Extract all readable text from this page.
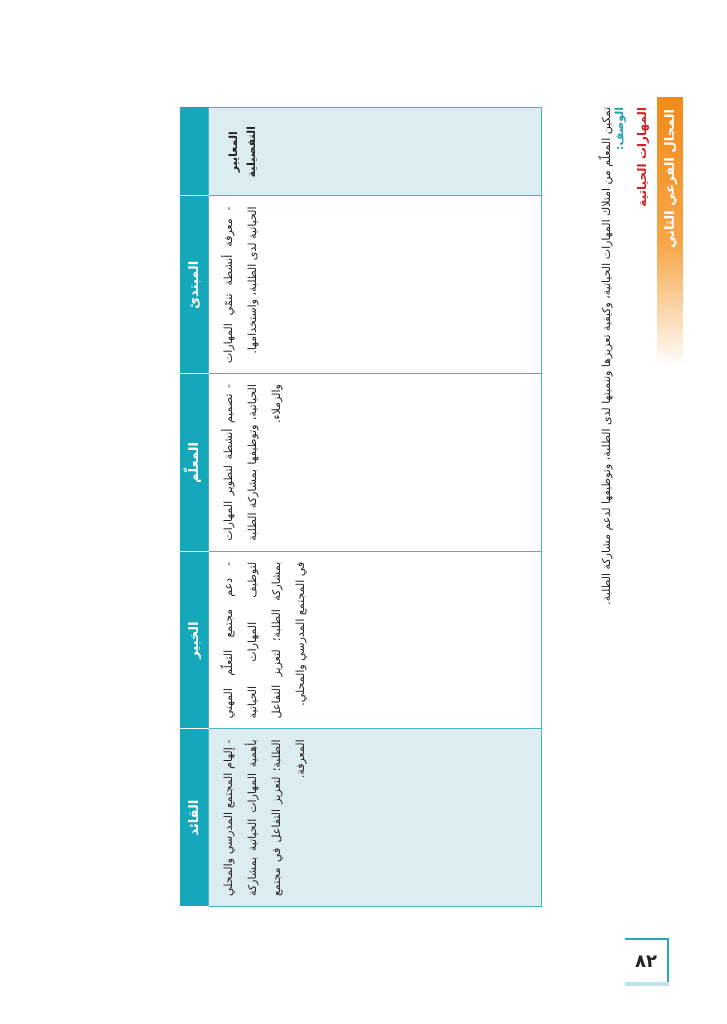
٨٢
المجال الفرعي الثاني
المهارات الحياتية
الوصف:
تمكين المعلّم من امتلاك المهارات الحياتية، وكيفية تعزيزها وتنميتها لدى الطلبة، وتوظيفها لدعم مشاركة الطلبة.
	المبتدئ	المعلّم	الخبير	القائد
المعايير التفصيلية	- معرفة أنشطة تنمّي المهارات الحياتية لدى الطلبة، واستخدامها.	- تصميم أنشطة لتطوير المهارات الحياتية، وتوظيفها بمشاركة الطلبة والزملاء.	- دعم مجتمع التعلّم المهني لتوظيف المهارات الحياتية بمشاركة الطلبة؛ لتعزيز التفاعل في المجتمع المدرسي والمحلي.	- إلهام المجتمع المدرسي والمحلي بأهمية المهارات الحياتية بمشاركة الطلبة؛ لتعزيز التفاعل في مجتمع المعرفة.
